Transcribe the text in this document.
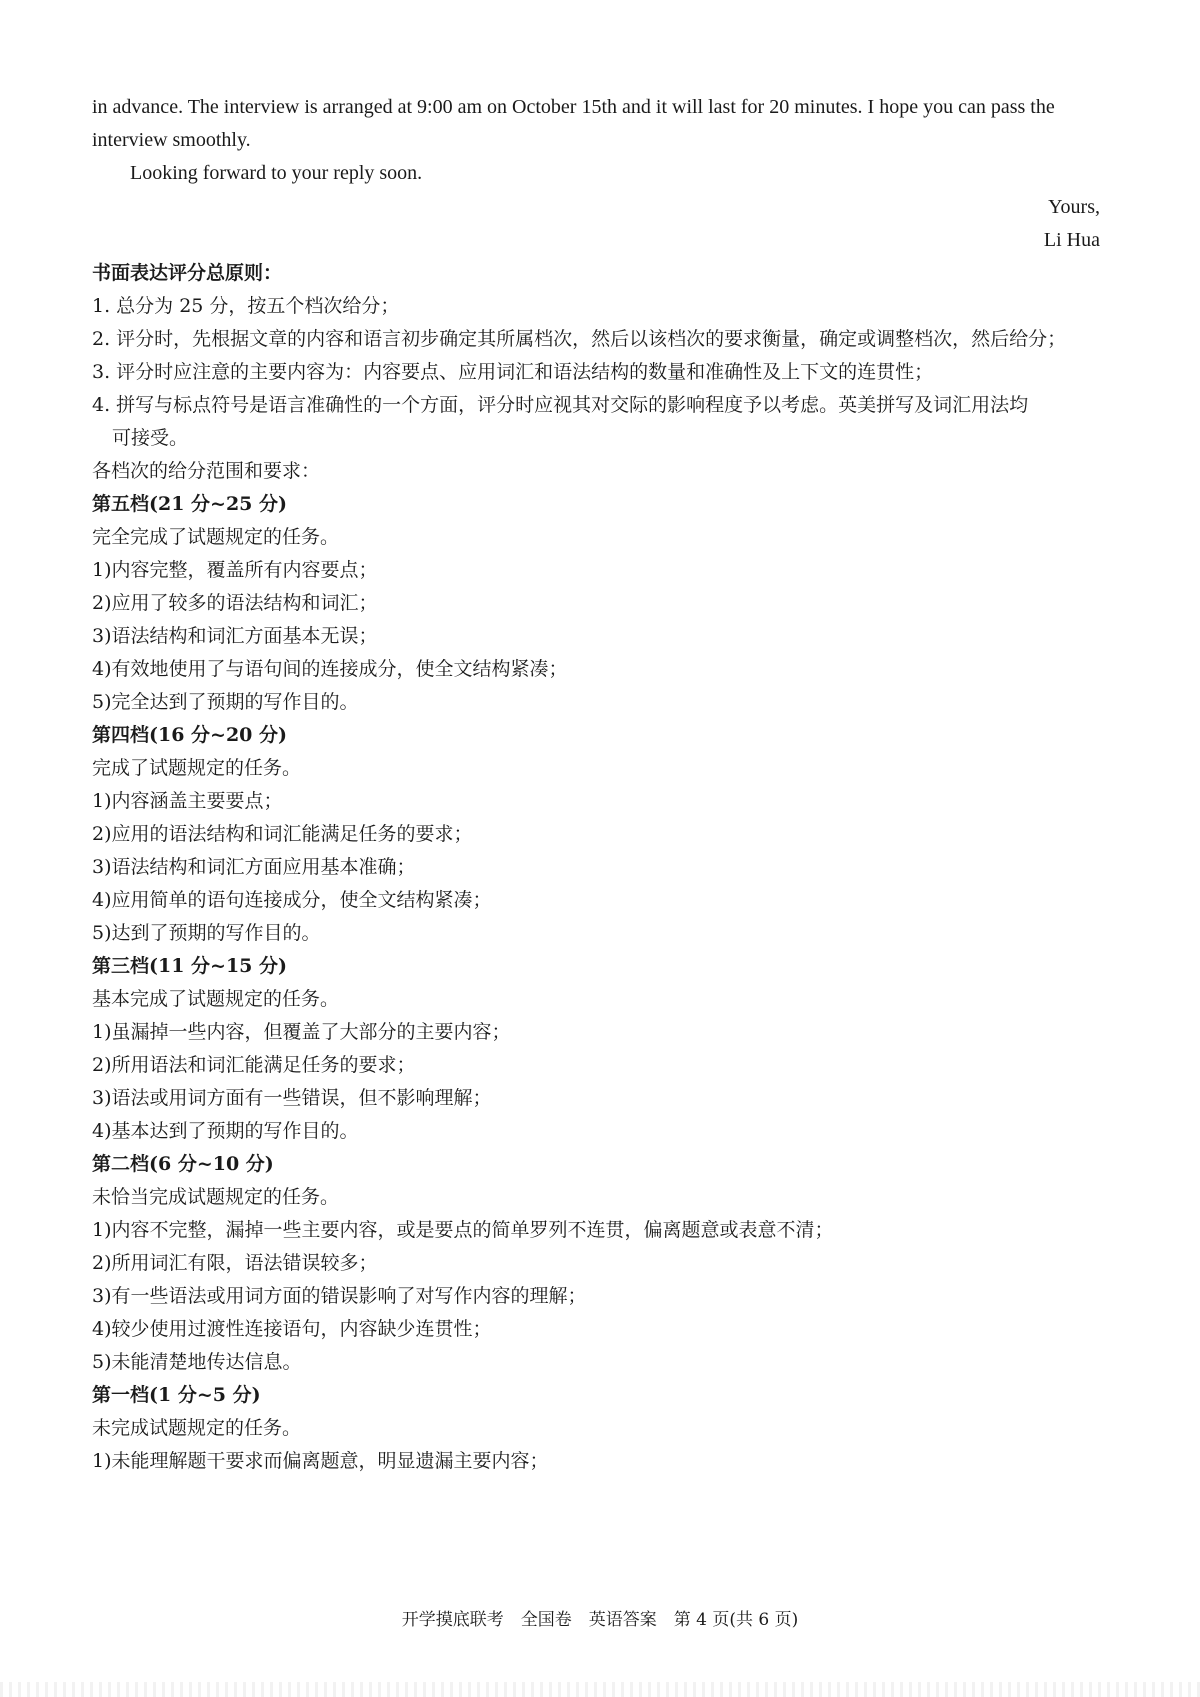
in advance. The interview is arranged at 9:00 am on October 15th and it will last for 20 minutes. I hope you can pass the
interview smoothly.
Looking forward to your reply soon.
Yours,
Li Hua
书面表达评分总原则：
1. 总分为 25 分，按五个档次给分；
2. 评分时，先根据文章的内容和语言初步确定其所属档次，然后以该档次的要求衡量，确定或调整档次，然后给分；
3. 评分时应注意的主要内容为：内容要点、应用词汇和语法结构的数量和准确性及上下文的连贯性；
4. 拼写与标点符号是语言准确性的一个方面，评分时应视其对交际的影响程度予以考虑。英美拼写及词汇用法均
可接受。
各档次的给分范围和要求：
第五档(21 分~25 分)
完全完成了试题规定的任务。
1)内容完整，覆盖所有内容要点；
2)应用了较多的语法结构和词汇；
3)语法结构和词汇方面基本无误；
4)有效地使用了与语句间的连接成分，使全文结构紧凑；
5)完全达到了预期的写作目的。
第四档(16 分~20 分)
完成了试题规定的任务。
1)内容涵盖主要要点；
2)应用的语法结构和词汇能满足任务的要求；
3)语法结构和词汇方面应用基本准确；
4)应用简单的语句连接成分，使全文结构紧凑；
5)达到了预期的写作目的。
第三档(11 分~15 分)
基本完成了试题规定的任务。
1)虽漏掉一些内容，但覆盖了大部分的主要内容；
2)所用语法和词汇能满足任务的要求；
3)语法或用词方面有一些错误，但不影响理解；
4)基本达到了预期的写作目的。
第二档(6 分~10 分)
未恰当完成试题规定的任务。
1)内容不完整，漏掉一些主要内容，或是要点的简单罗列不连贯，偏离题意或表意不清；
2)所用词汇有限，语法错误较多；
3)有一些语法或用词方面的错误影响了对写作内容的理解；
4)较少使用过渡性连接语句，内容缺少连贯性；
5)未能清楚地传达信息。
第一档(1 分~5 分)
未完成试题规定的任务。
1)未能理解题干要求而偏离题意，明显遗漏主要内容；
开学摸底联考　全国卷　英语答案　第 4 页(共 6 页)
